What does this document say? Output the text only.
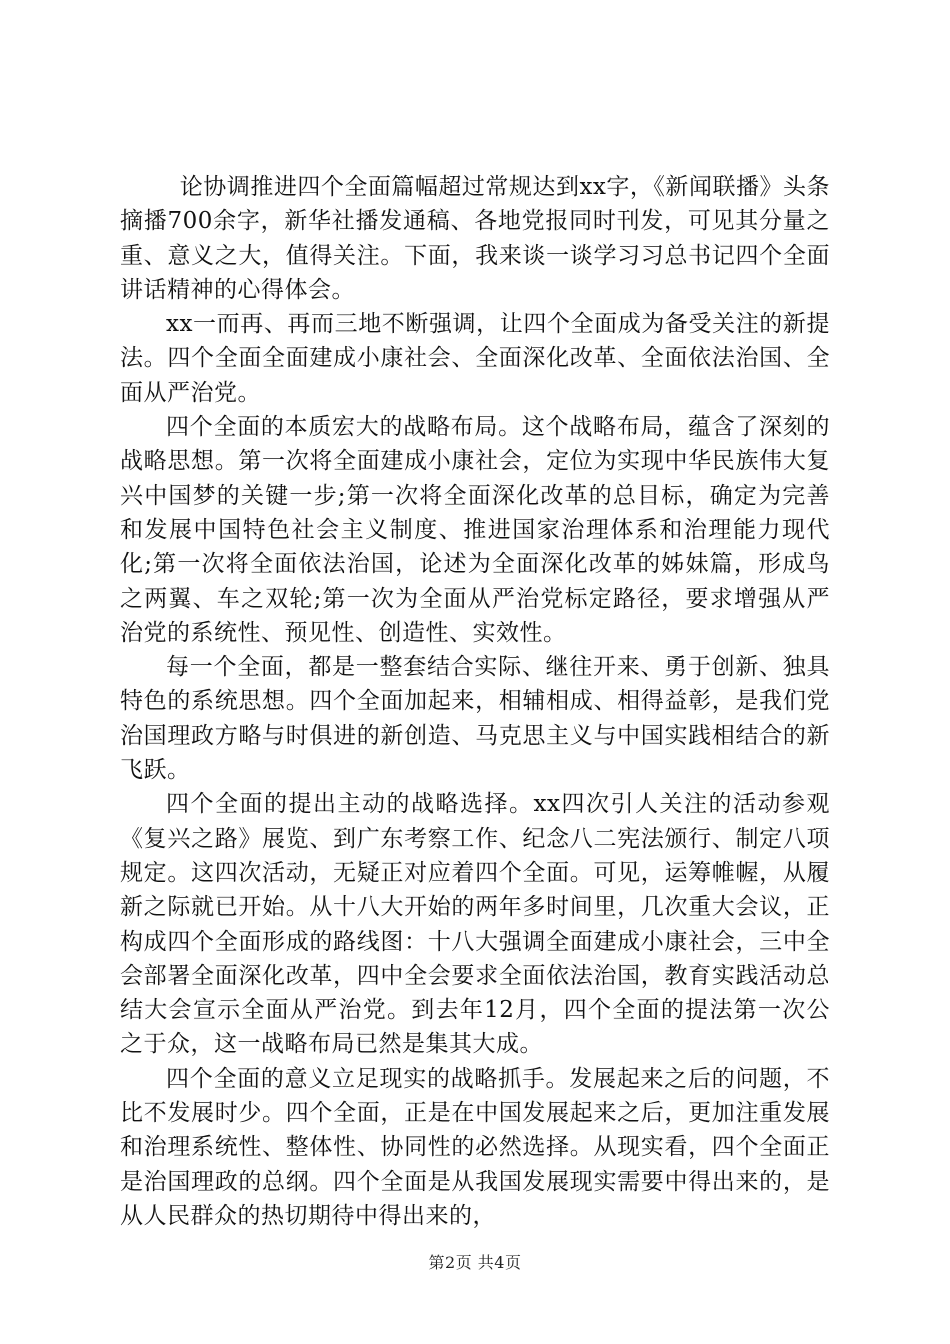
论协调推进四个全面篇幅超过常规达到xx字，《新闻联播》头条摘播700余字，新华社播发通稿、各地党报同时刊发，可见其分量之重、意义之大，值得关注。下面，我来谈一谈学习习总书记四个全面讲话精神的心得体会。

xx一而再、再而三地不断强调，让四个全面成为备受关注的新提法。四个全面全面建成小康社会、全面深化改革、全面依法治国、全面从严治党。

四个全面的本质宏大的战略布局。这个战略布局，蕴含了深刻的战略思想。第一次将全面建成小康社会，定位为实现中华民族伟大复兴中国梦的关键一步;第一次将全面深化改革的总目标，确定为完善和发展中国特色社会主义制度、推进国家治理体系和治理能力现代化;第一次将全面依法治国，论述为全面深化改革的姊妹篇，形成鸟之两翼、车之双轮;第一次为全面从严治党标定路径，要求增强从严治党的系统性、预见性、创造性、实效性。

每一个全面，都是一整套结合实际、继往开来、勇于创新、独具特色的系统思想。四个全面加起来，相辅相成、相得益彰，是我们党治国理政方略与时俱进的新创造、马克思主义与中国实践相结合的新飞跃。

四个全面的提出主动的战略选择。xx四次引人关注的活动参观《复兴之路》展览、到广东考察工作、纪念八二宪法颁行、制定八项规定。这四次活动，无疑正对应着四个全面。可见，运筹帷幄，从履新之际就已开始。从十八大开始的两年多时间里，几次重大会议，正构成四个全面形成的路线图：十八大强调全面建成小康社会，三中全会部署全面深化改革，四中全会要求全面依法治国，教育实践活动总结大会宣示全面从严治党。到去年12月，四个全面的提法第一次公之于众，这一战略布局已然是集其大成。

四个全面的意义立足现实的战略抓手。发展起来之后的问题，不比不发展时少。四个全面，正是在中国发展起来之后，更加注重发展和治理系统性、整体性、协同性的必然选择。从现实看，四个全面正是治国理政的总纲。四个全面是从我国发展现实需要中得出来的，是从人民群众的热切期待中得出来的，

第2页 共4页
